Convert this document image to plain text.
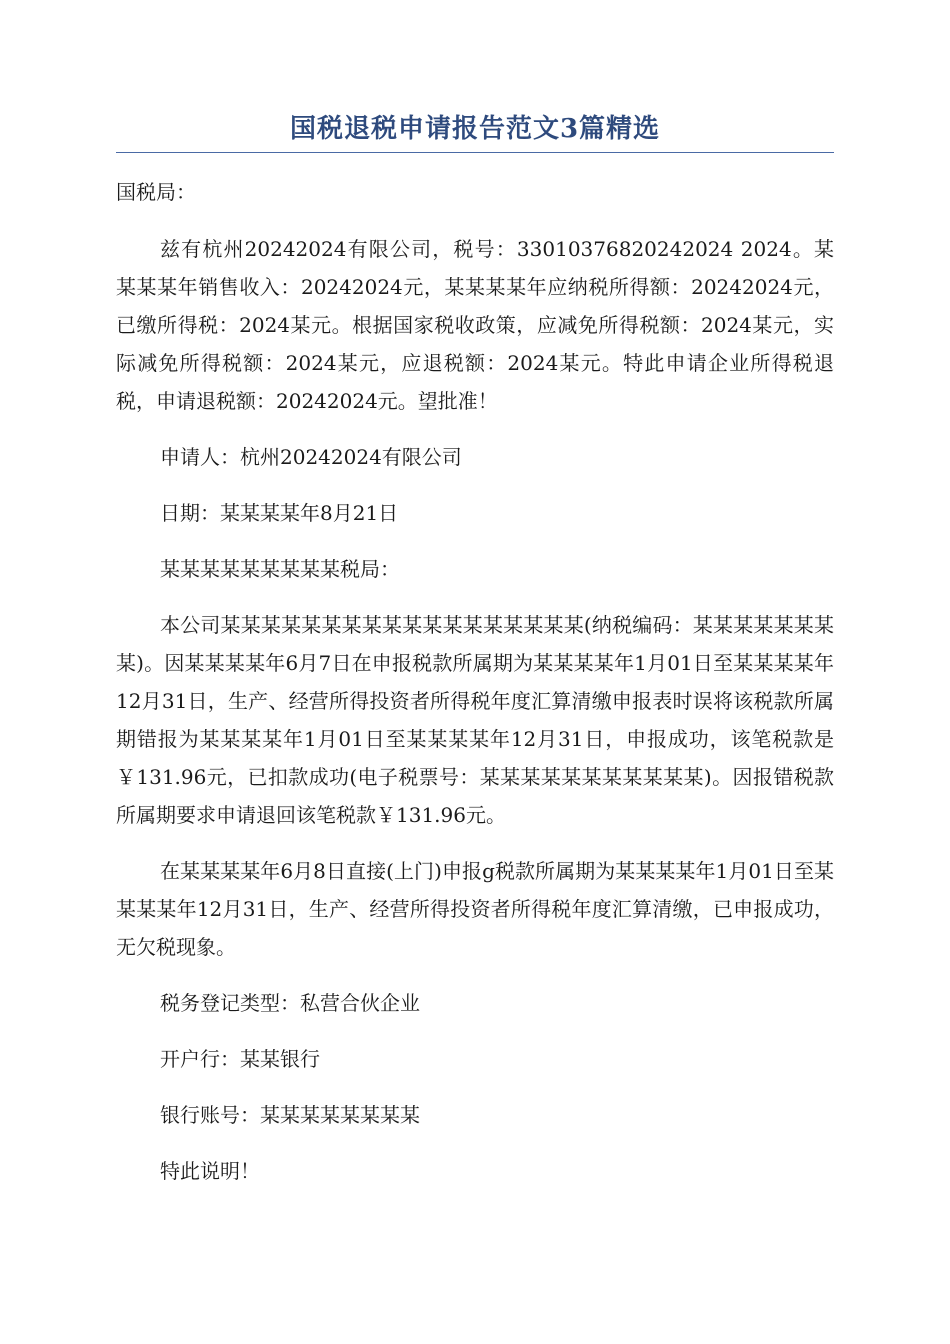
国税退税申请报告范文3篇精选

国税局：

兹有杭州20242024有限公司，税号：33010376820242024 2024。某某某某年销售收入：20242024元，某某某某年应纳税所得额：20242024元，已缴所得税：2024某元。根据国家税收政策，应减免所得税额：2024某元，实际减免所得税额：2024某元，应退税额：2024某元。特此申请企业所得税退税，申请退税额：20242024元。望批准！

申请人：杭州20242024有限公司

日期：某某某某年8月21日

某某某某某某某某某税局：

本公司某某某某某某某某某某某某某某某某某某(纳税编码：某某某某某某某某)。因某某某某年6月7日在申报税款所属期为某某某某年1月01日至某某某某年12月31日，生产、经营所得投资者所得税年度汇算清缴申报表时误将该税款所属期错报为某某某某年1月01日至某某某某年12月31日，申报成功，该笔税款是￥131.96元，已扣款成功(电子税票号：某某某某某某某某某某某)。因报错税款所属期要求申请退回该笔税款￥131.96元。

在某某某某年6月8日直接(上门)申报g税款所属期为某某某某年1月01日至某某某某年12月31日，生产、经营所得投资者所得税年度汇算清缴，已申报成功，无欠税现象。

税务登记类型：私营合伙企业

开户行：某某银行

银行账号：某某某某某某某某

特此说明！
